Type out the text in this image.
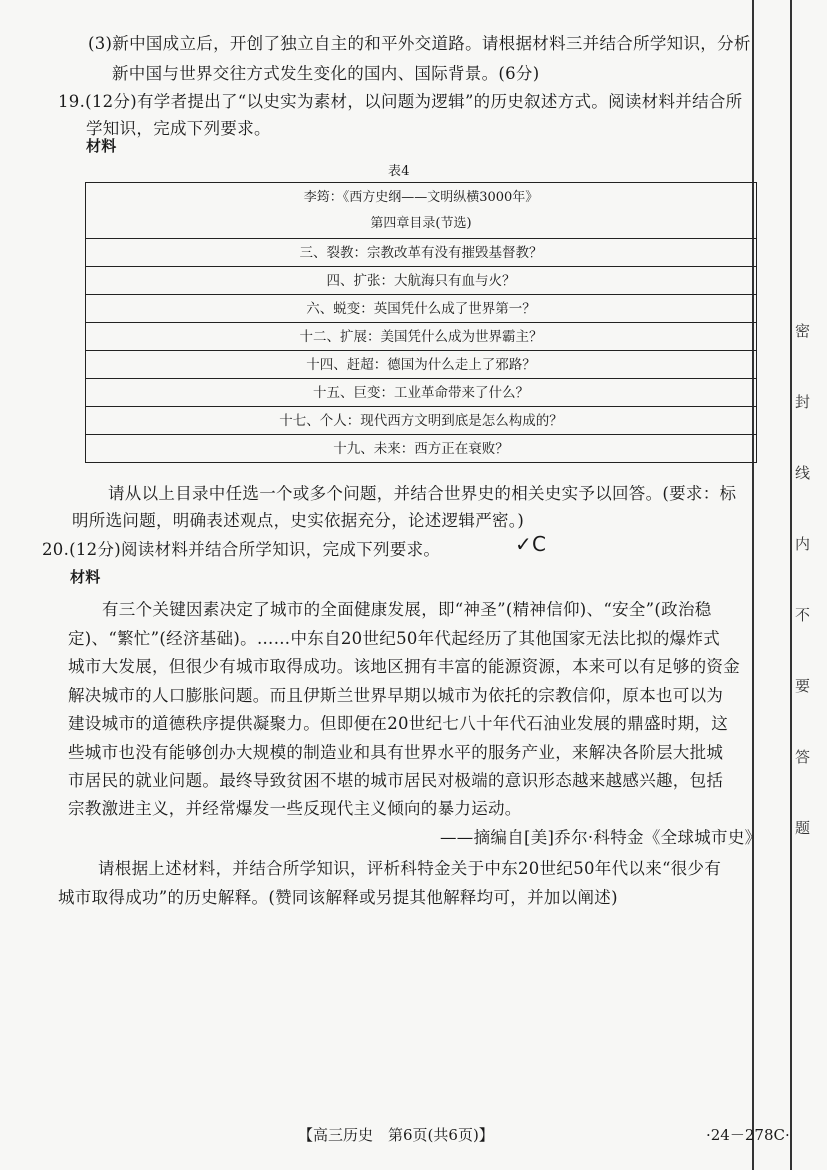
密
封
线
内
不
要
答
题
(3)新中国成立后，开创了独立自主的和平外交道路。请根据材料三并结合所学知识，分析
新中国与世界交往方式发生变化的国内、国际背景。(6分)
19.(12分)有学者提出了“以史实为素材，以问题为逻辑”的历史叙述方式。阅读材料并结合所
学知识，完成下列要求。
材料
表4
李筠：《西方史纲——文明纵横3000年》
第四章目录(节选)
三、裂教：宗教改革有没有摧毁基督教？
四、扩张：大航海只有血与火？
六、蜕变：英国凭什么成了世界第一？
十二、扩展：美国凭什么成为世界霸主？
十四、赶超：德国为什么走上了邪路？
十五、巨变：工业革命带来了什么？
十七、个人：现代西方文明到底是怎么构成的？
十九、未来：西方正在衰败？
请从以上目录中任选一个或多个问题，并结合世界史的相关史实予以回答。(要求：标
明所选问题，明确表述观点，史实依据充分，论述逻辑严密。)
20.(12分)阅读材料并结合所学知识，完成下列要求。	✓C
材料
有三个关键因素决定了城市的全面健康发展，即“神圣”(精神信仰)、“安全”(政治稳
定)、“繁忙”(经济基础)。……中东自20世纪50年代起经历了其他国家无法比拟的爆炸式
城市大发展，但很少有城市取得成功。该地区拥有丰富的能源资源，本来可以有足够的资金
解决城市的人口膨胀问题。而且伊斯兰世界早期以城市为依托的宗教信仰，原本也可以为
建设城市的道德秩序提供凝聚力。但即便在20世纪七八十年代石油业发展的鼎盛时期，这
些城市也没有能够创办大规模的制造业和具有世界水平的服务产业，来解决各阶层大批城
市居民的就业问题。最终导致贫困不堪的城市居民对极端的意识形态越来越感兴趣，包括
宗教激进主义，并经常爆发一些反现代主义倾向的暴力运动。
——摘编自[美]乔尔·科特金《全球城市史》
请根据上述材料，并结合所学知识，评析科特金关于中东20世纪50年代以来“很少有
城市取得成功”的历史解释。(赞同该解释或另提其他解释均可，并加以阐述)
【高三历史　第6页(共6页)】	·24－278C·
